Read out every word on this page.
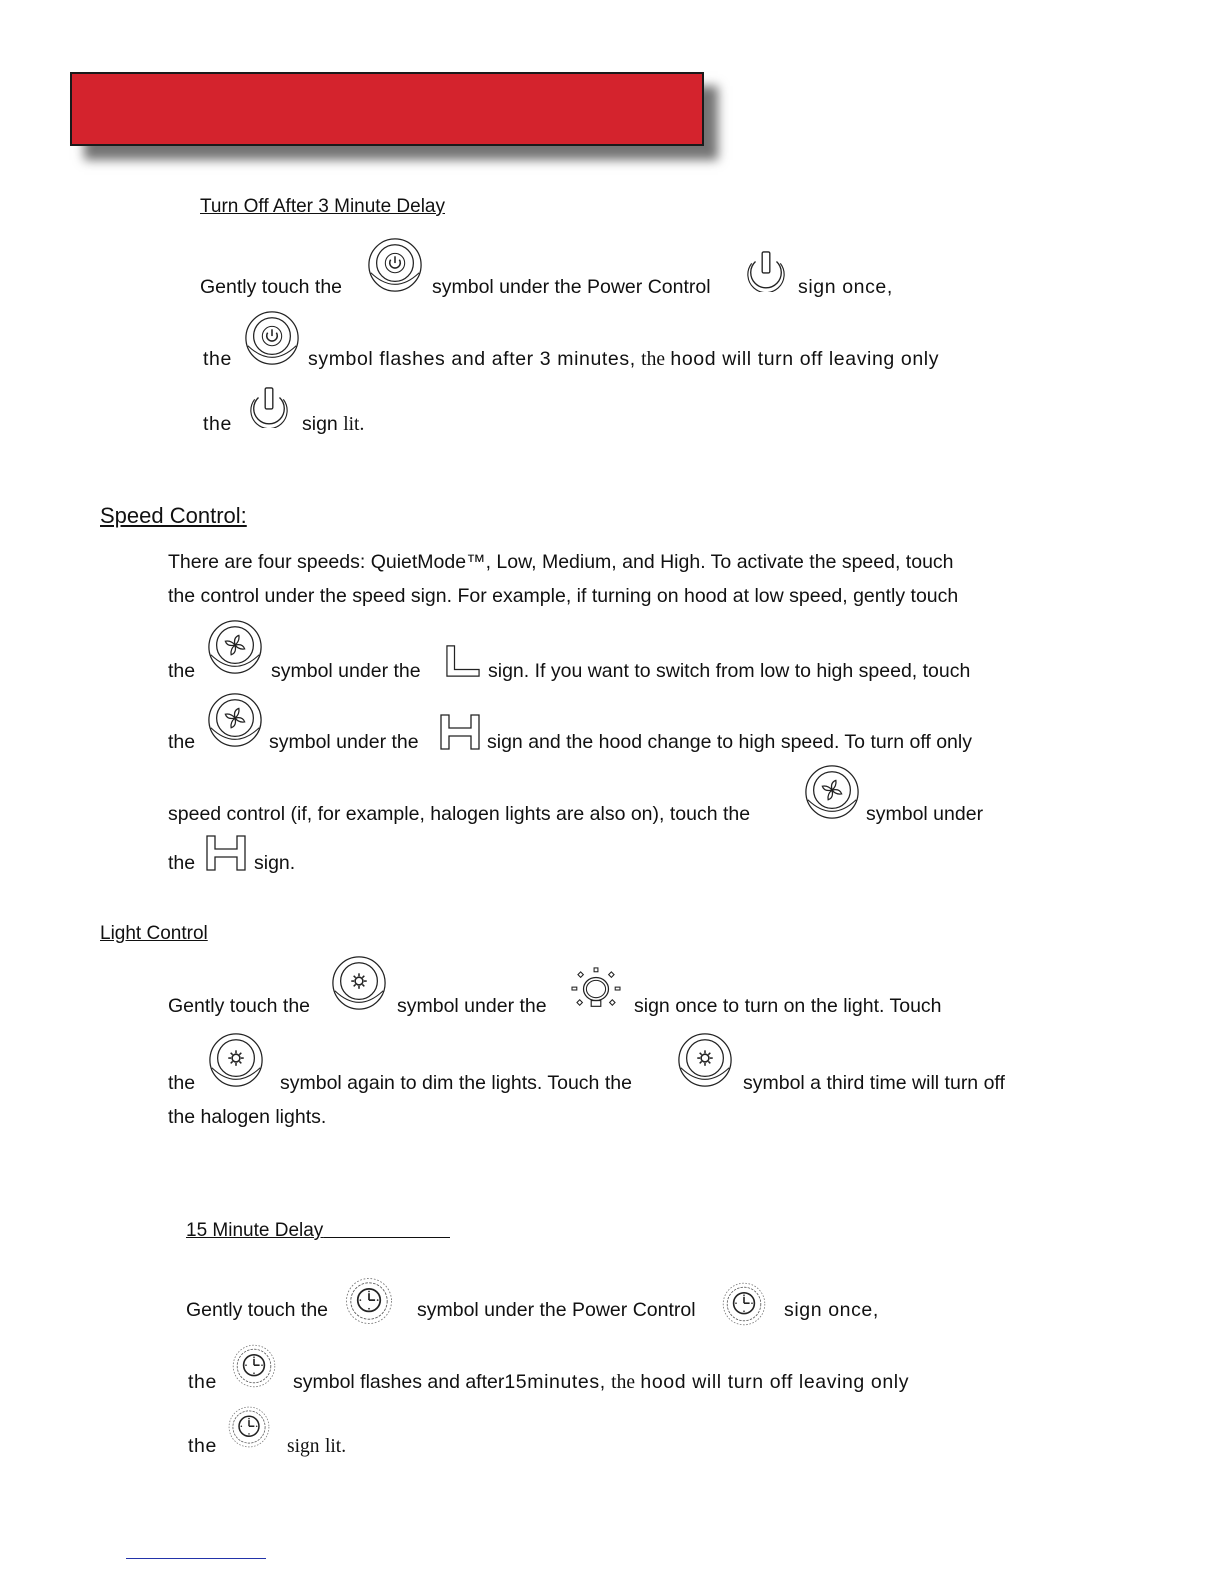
Turn Off After 3 Minute Delay
Gently touch the	symbol under the Power Control	sign once,
the	symbol flashes and after 3 minutes, the hood will turn off leaving only
the	sign lit.
Speed Control:
There are four speeds: QuietMode™, Low, Medium, and High. To activate the speed, touch
the control under the speed sign. For example, if turning on hood at low speed, gently touch
the	symbol under the	sign. If you want to switch from low to high speed, touch
the	symbol under the	sign and the hood change to high speed. To turn off only
speed control (if, for example, halogen lights are also on), touch the	symbol under
the	sign.
Light Control
Gently touch the	symbol under the	sign once to turn on the light. Touch
the	symbol again to dim the lights. Touch the	symbol a third time will turn off
the halogen lights.
15 Minute Delay
Gently touch the	symbol under the Power Control	sign once,
the	symbol flashes and after15minutes, the hood will turn off leaving only
the	sign lit.
